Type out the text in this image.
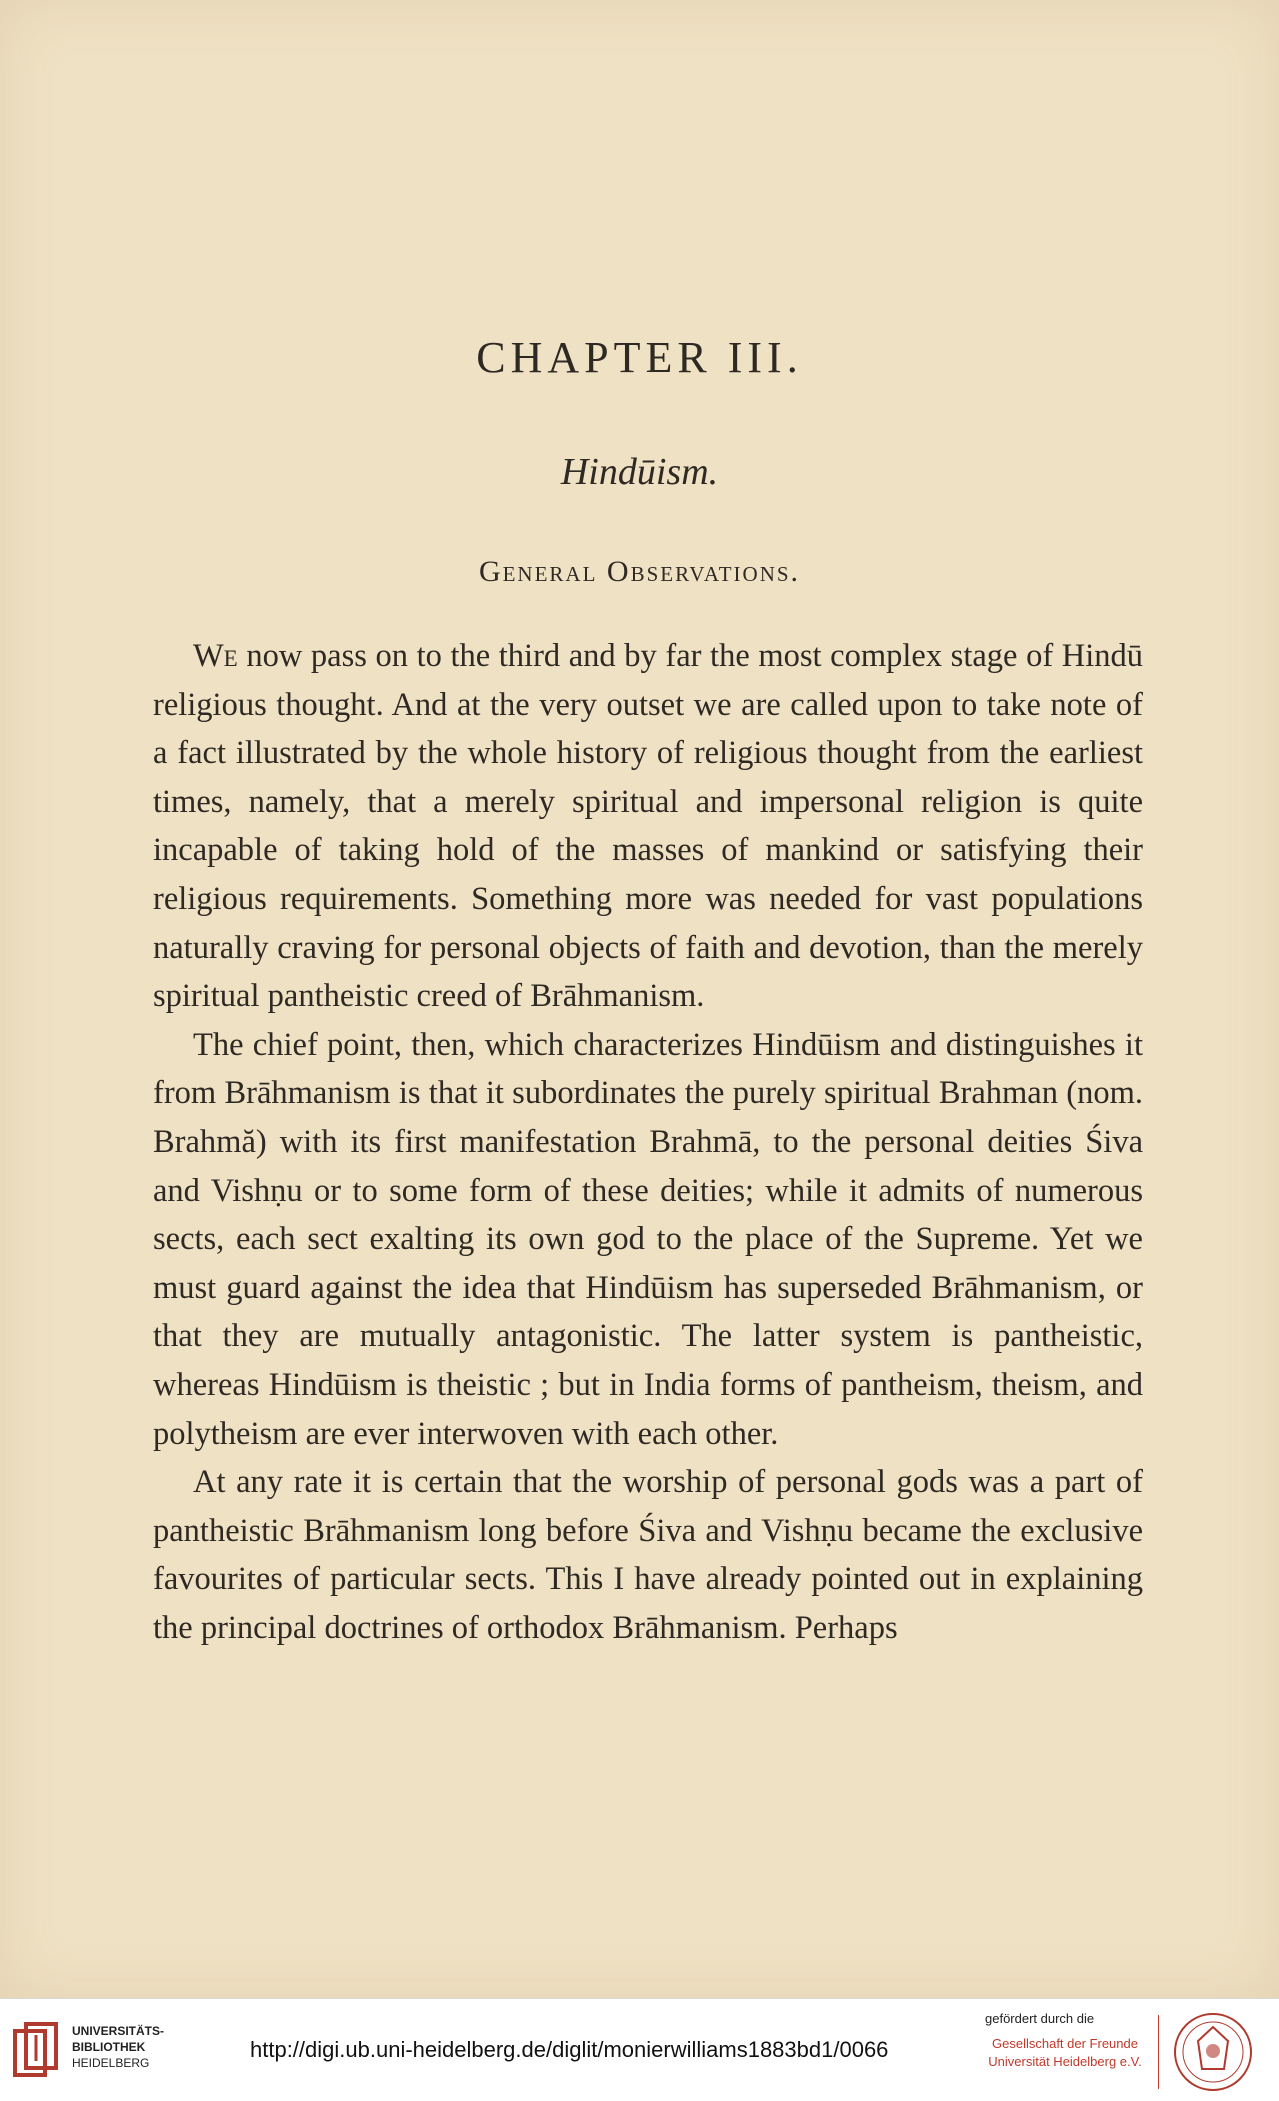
CHAPTER III.
Hindūism.
General Observations.

We now pass on to the third and by far the most complex stage of Hindū religious thought. And at the very outset we are called upon to take note of a fact illustrated by the whole history of religious thought from the earliest times, namely, that a merely spiritual and impersonal religion is quite incapable of taking hold of the masses of mankind or satisfying their religious requirements. Something more was needed for vast populations naturally craving for personal objects of faith and devotion, than the merely spiritual pantheistic creed of Brāhmanism.

The chief point, then, which characterizes Hindūism and distinguishes it from Brāhmanism is that it subordinates the purely spiritual Brahman (nom. Brahmă) with its first manifestation Brahmā, to the personal deities Śiva and Vishṇu or to some form of these deities; while it admits of numerous sects, each sect exalting its own god to the place of the Supreme. Yet we must guard against the idea that Hindūism has superseded Brāhmanism, or that they are mutually antagonistic. The latter system is pantheistic, whereas Hindūism is theistic ; but in India forms of pantheism, theism, and polytheism are ever interwoven with each other.

At any rate it is certain that the worship of personal gods was a part of pantheistic Brāhmanism long before Śiva and Vishṇu became the exclusive favourites of particular sects. This I have already pointed out in explaining the principal doctrines of orthodox Brāhmanism. Perhaps

UNIVERSITÄTS-
BIBLIOTHEK
HEIDELBERG
http://digi.ub.uni-heidelberg.de/diglit/monierwilliams1883bd1/0066
gefördert durch die
Gesellschaft der Freunde
Universität Heidelberg e.V.
